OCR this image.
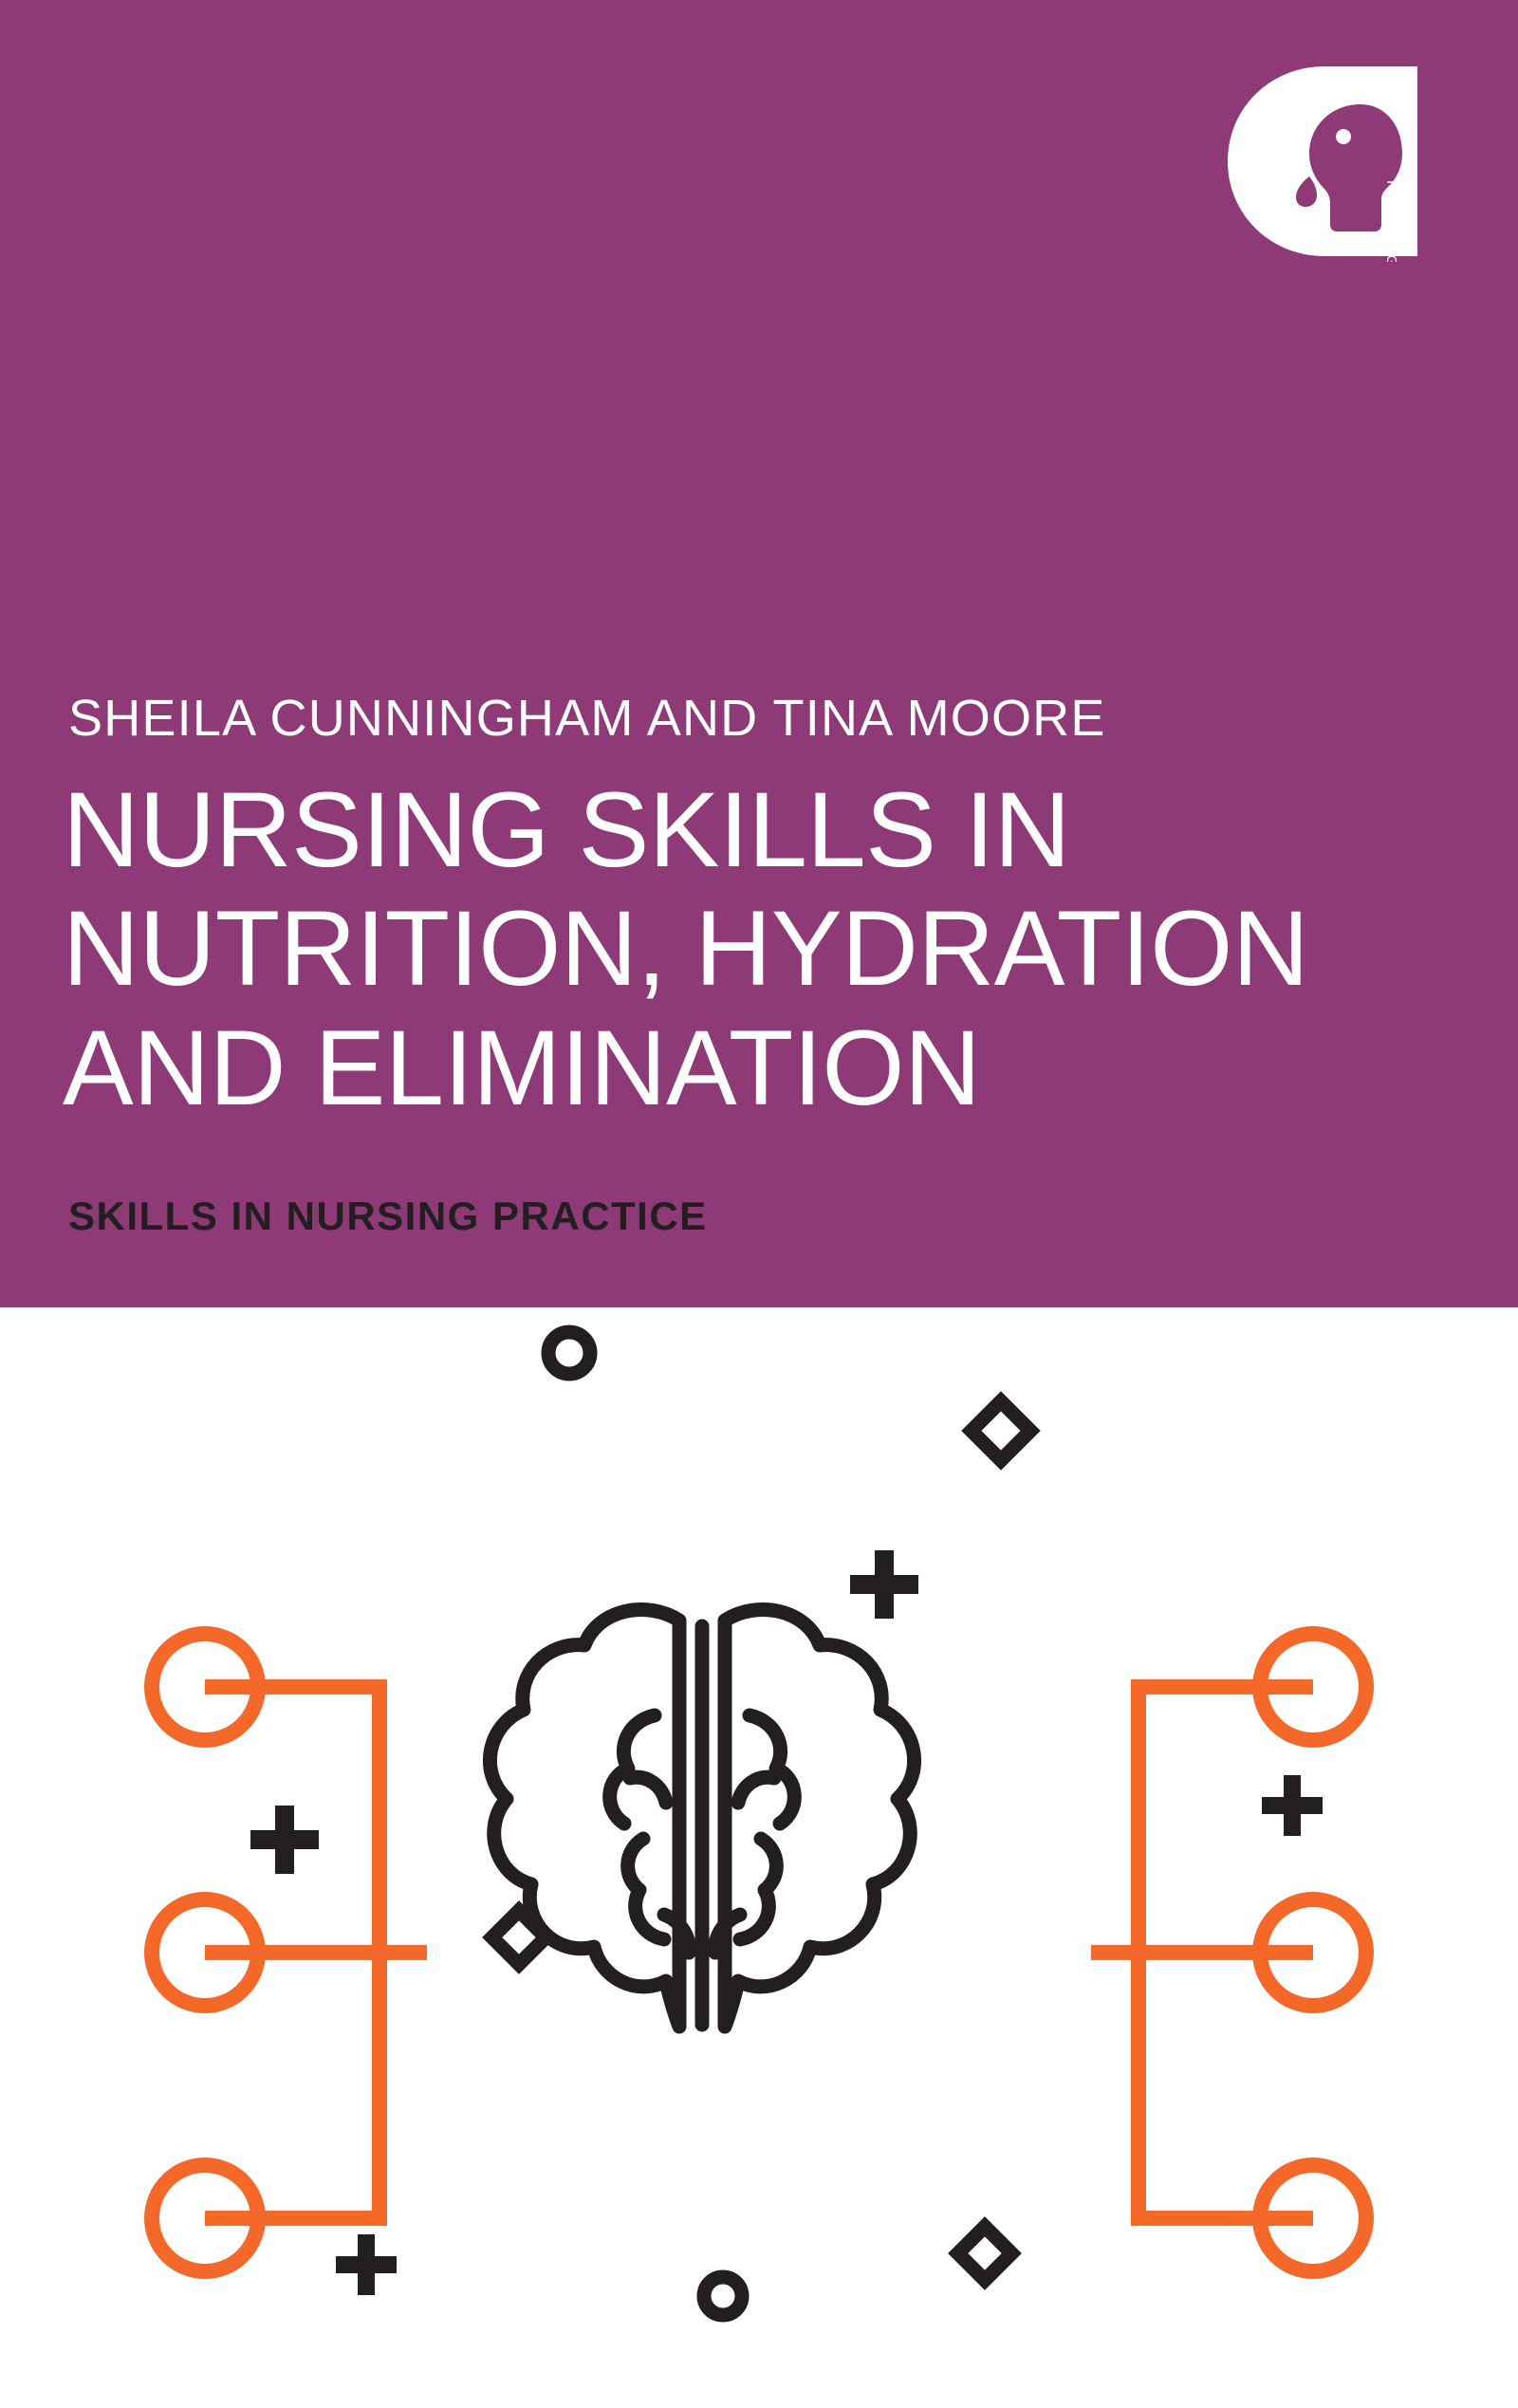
ROUTLEDGE
SHEILA CUNNINGHAM AND TINA MOORE
NURSING SKILLS IN
NUTRITION, HYDRATION
AND ELIMINATION
SKILLS IN NURSING PRACTICE
